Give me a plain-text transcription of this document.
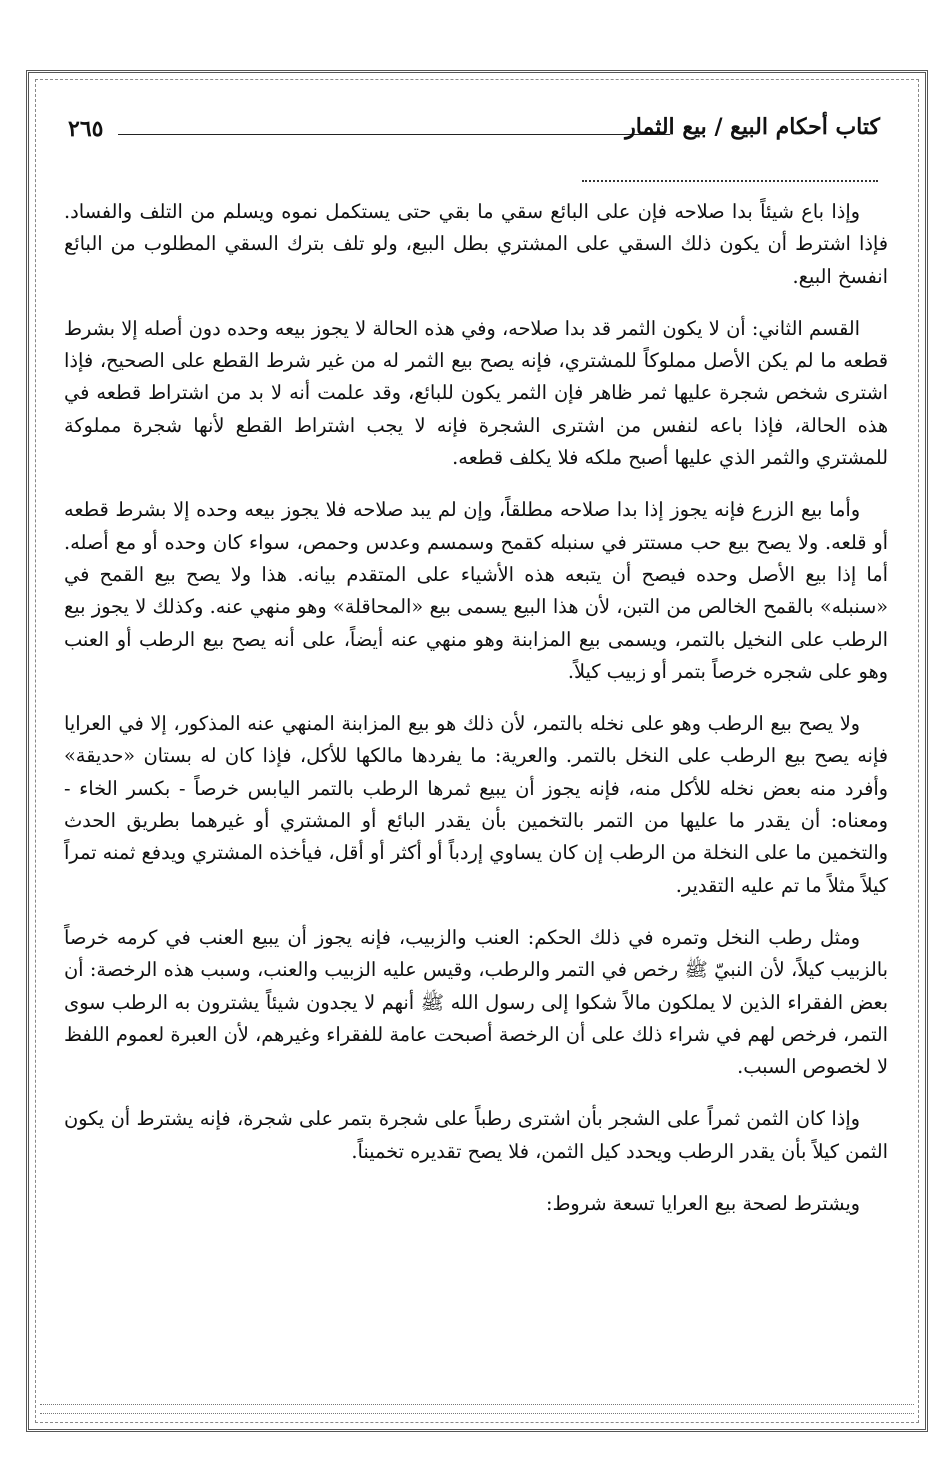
٢٦٥	كتاب أحكام البيع / بيع الثمار

وإذا باع شيئاً بدا صلاحه فإن على البائع سقي ما بقي حتى يستكمل نموه ويسلم من التلف والفساد. فإذا اشترط أن يكون ذلك السقي على المشتري بطل البيع، ولو تلف بترك السقي المطلوب من البائع انفسخ البيع.

القسم الثاني: أن لا يكون الثمر قد بدا صلاحه، وفي هذه الحالة لا يجوز بيعه وحده دون أصله إلا بشرط قطعه ما لم يكن الأصل مملوكاً للمشتري، فإنه يصح بيع الثمر له من غير شرط القطع على الصحيح، فإذا اشترى شخص شجرة عليها ثمر ظاهر فإن الثمر يكون للبائع، وقد علمت أنه لا بد من اشتراط قطعه في هذه الحالة، فإذا باعه لنفس من اشترى الشجرة فإنه لا يجب اشتراط القطع لأنها شجرة مملوكة للمشتري والثمر الذي عليها أصبح ملكه فلا يكلف قطعه.

وأما بيع الزرع فإنه يجوز إذا بدا صلاحه مطلقاً، وإن لم يبد صلاحه فلا يجوز بيعه وحده إلا بشرط قطعه أو قلعه. ولا يصح بيع حب مستتر في سنبله كقمح وسمسم وعدس وحمص، سواء كان وحده أو مع أصله. أما إذا بيع الأصل وحده فيصح أن يتبعه هذه الأشياء على المتقدم بيانه. هذا ولا يصح بيع القمح في «سنبله» بالقمح الخالص من التبن، لأن هذا البيع يسمى بيع «المحاقلة» وهو منهي عنه. وكذلك لا يجوز بيع الرطب على النخيل بالتمر، ويسمى بيع المزابنة وهو منهي عنه أيضاً، على أنه يصح بيع الرطب أو العنب وهو على شجره خرصاً بتمر أو زبيب كيلاً.

ولا يصح بيع الرطب وهو على نخله بالتمر، لأن ذلك هو بيع المزابنة المنهي عنه المذكور، إلا في العرايا فإنه يصح بيع الرطب على النخل بالتمر. والعرية: ما يفردها مالكها للأكل، فإذا كان له بستان «حديقة» وأفرد منه بعض نخله للأكل منه، فإنه يجوز أن يبيع ثمرها الرطب بالتمر اليابس خرصاً - بكسر الخاء - ومعناه: أن يقدر ما عليها من التمر بالتخمين بأن يقدر البائع أو المشتري أو غيرهما بطريق الحدث والتخمين ما على النخلة من الرطب إن كان يساوي إردباً أو أكثر أو أقل، فيأخذه المشتري ويدفع ثمنه تمراً كيلاً مثلاً ما تم عليه التقدير.

ومثل رطب النخل وتمره في ذلك الحكم: العنب والزبيب، فإنه يجوز أن يبيع العنب في كرمه خرصاً بالزبيب كيلاً، لأن النبيّ ﷺ رخص في التمر والرطب، وقيس عليه الزبيب والعنب، وسبب هذه الرخصة: أن بعض الفقراء الذين لا يملكون مالاً شكوا إلى رسول الله ﷺ أنهم لا يجدون شيئاً يشترون به الرطب سوى التمر، فرخص لهم في شراء ذلك على أن الرخصة أصبحت عامة للفقراء وغيرهم، لأن العبرة لعموم اللفظ لا لخصوص السبب.

وإذا كان الثمن ثمراً على الشجر بأن اشترى رطباً على شجرة بتمر على شجرة، فإنه يشترط أن يكون الثمن كيلاً بأن يقدر الرطب ويحدد كيل الثمن، فلا يصح تقديره تخميناً.

ويشترط لصحة بيع العرايا تسعة شروط:
